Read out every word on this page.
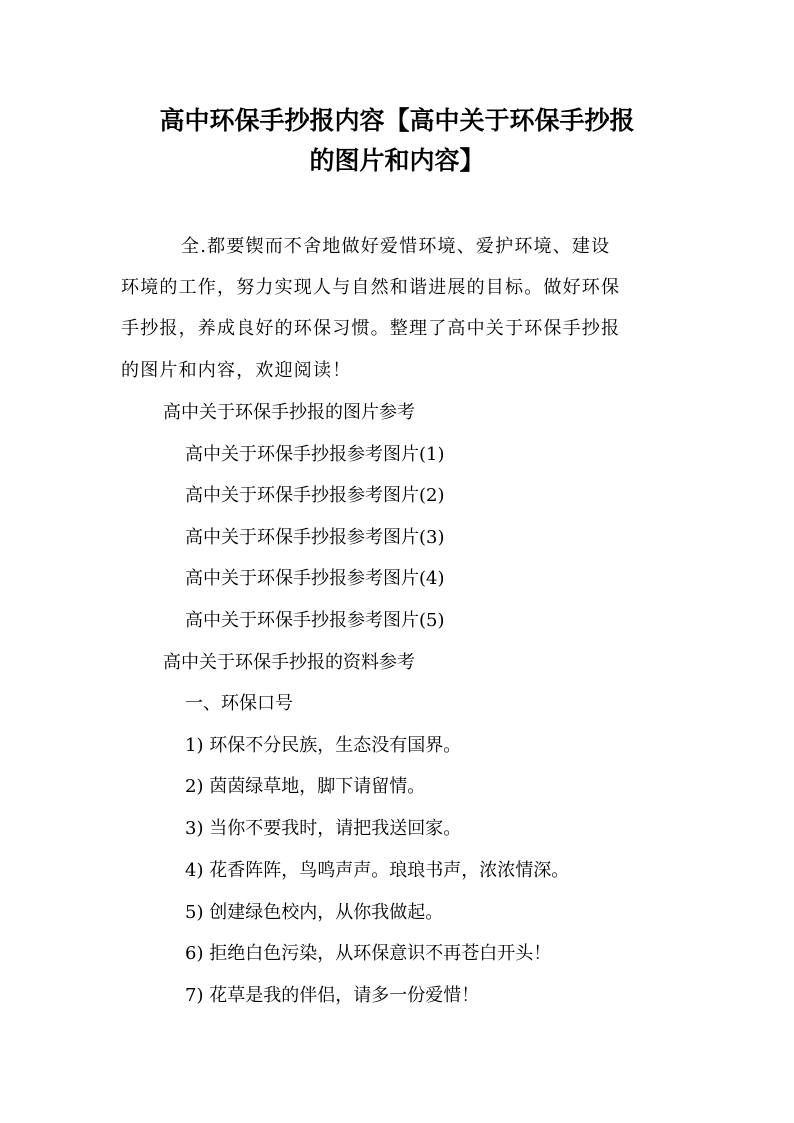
高中环保手抄报内容【高中关于环保手抄报
的图片和内容】
全.都要锲而不舍地做好爱惜环境、爱护环境、建设
环境的工作，努力实现人与自然和谐进展的目标。做好环保
手抄报，养成良好的环保习惯。整理了高中关于环保手抄报
的图片和内容，欢迎阅读！
高中关于环保手抄报的图片参考
高中关于环保手抄报参考图片(1)
高中关于环保手抄报参考图片(2)
高中关于环保手抄报参考图片(3)
高中关于环保手抄报参考图片(4)
高中关于环保手抄报参考图片(5)
高中关于环保手抄报的资料参考
一、环保口号
1) 环保不分民族，生态没有国界。
2) 茵茵绿草地，脚下请留情。
3) 当你不要我时，请把我送回家。
4) 花香阵阵，鸟鸣声声。琅琅书声，浓浓情深。
5) 创建绿色校内，从你我做起。
6) 拒绝白色污染，从环保意识不再苍白开头！
7) 花草是我的伴侣，请多一份爱惜！
